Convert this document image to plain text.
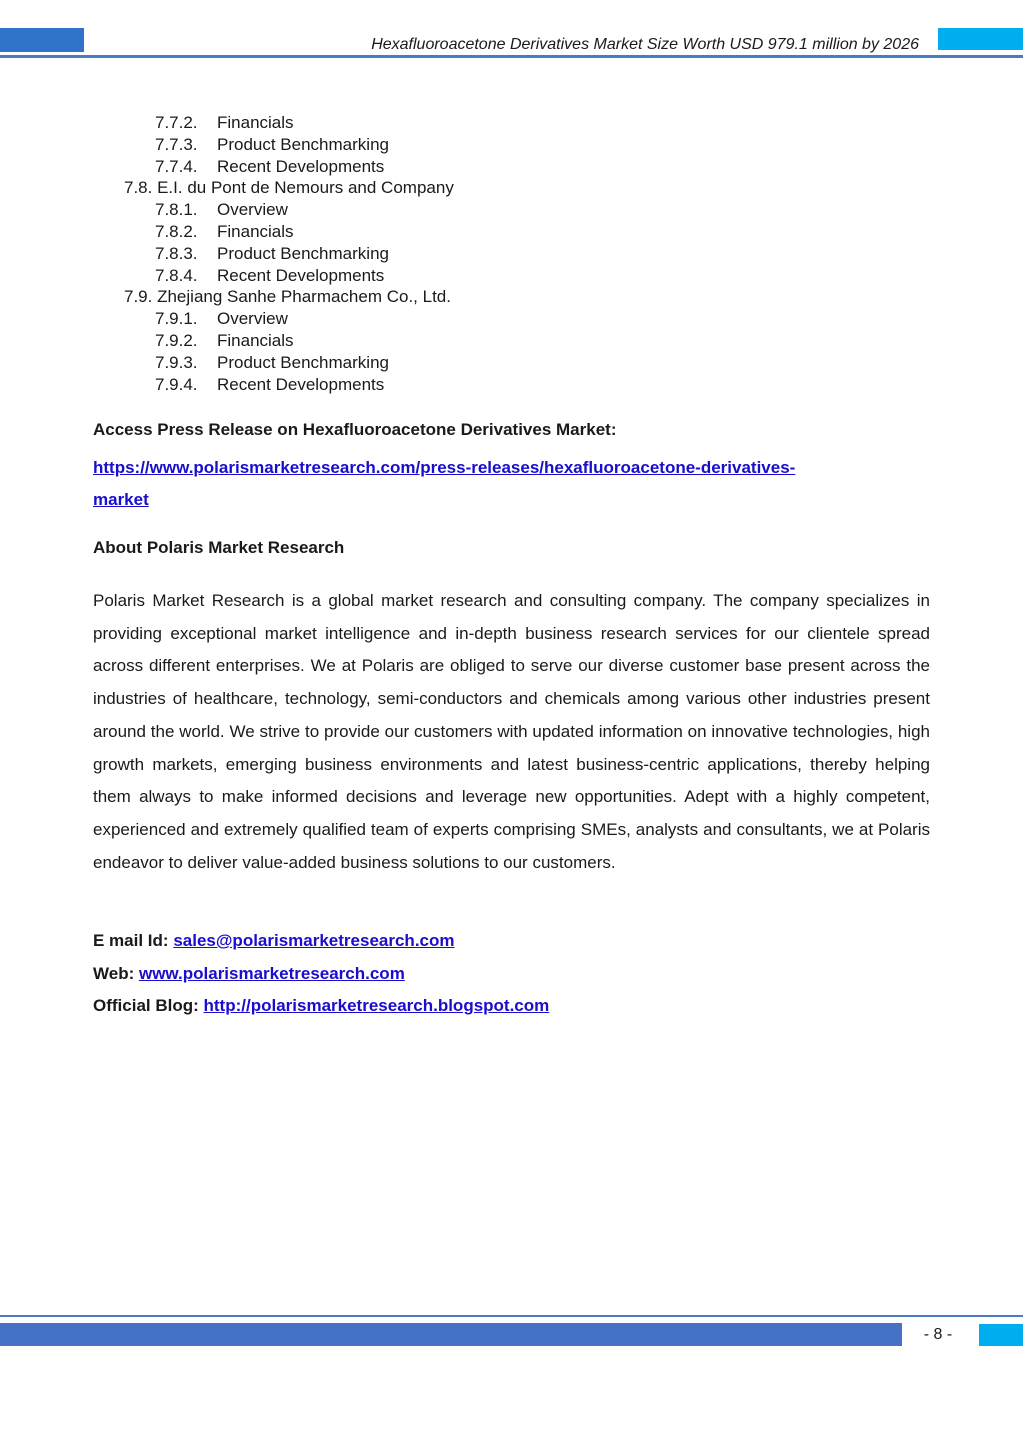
Hexafluoroacetone Derivatives Market Size Worth USD 979.1 million by 2026
7.7.2. Financials
7.7.3. Product Benchmarking
7.7.4. Recent Developments
7.8. E.I. du Pont de Nemours and Company
7.8.1. Overview
7.8.2. Financials
7.8.3. Product Benchmarking
7.8.4. Recent Developments
7.9. Zhejiang Sanhe Pharmachem Co., Ltd.
7.9.1. Overview
7.9.2. Financials
7.9.3. Product Benchmarking
7.9.4. Recent Developments
Access Press Release on Hexafluoroacetone Derivatives Market:
https://www.polarismarketresearch.com/press-releases/hexafluoroacetone-derivatives-
market
About Polaris Market Research

Polaris Market Research is a global market research and consulting company. The company specializes in providing exceptional market intelligence and in-depth business research services for our clientele spread across different enterprises. We at Polaris are obliged to serve our diverse customer base present across the industries of healthcare, technology, semi-conductors and chemicals among various other industries present around the world. We strive to provide our customers with updated information on innovative technologies, high growth markets, emerging business environments and latest business-centric applications, thereby helping them always to make informed decisions and leverage new opportunities. Adept with a highly competent, experienced and extremely qualified team of experts comprising SMEs, analysts and consultants, we at Polaris endeavor to deliver value-added business solutions to our customers.

E mail Id: sales@polarismarketresearch.com
Web: www.polarismarketresearch.com
Official Blog: http://polarismarketresearch.blogspot.com
- 8 -
